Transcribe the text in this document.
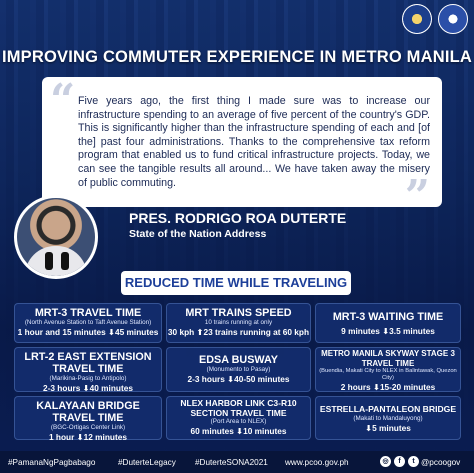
IMPROVING COMMUTER EXPERIENCE IN METRO MANILA
“ Five years ago, the first thing I made sure was to increase our infrastructure spending to an average of five percent of the country's GDP. This is significantly higher than the infrastructure spending of each and [of the] past four administrations. Thanks to the comprehensive tax reform program that enabled us to fund critical infrastructure projects. Today, we can see the tangible results all around... We have taken away the misery of public commuting.	”
PRES. RODRIGO ROA DUTERTE
State of the Nation Address
REDUCED TIME WHILE TRAVELING
MRT-3 TRAVEL TIME
(North Avenue Station to Taft Avenue Station)
1 hour and 15 minutes ⬇45 minutes
MRT TRAINS SPEED
10 trains running at only
30 kph ⬆23 trains running at 60 kph
MRT-3 WAITING TIME
9 minutes ⬇3.5 minutes
LRT-2 EAST EXTENSION TRAVEL TIME
(Marikina-Pasig to Antipolo)
2-3 hours ⬇40 minutes
EDSA BUSWAY
(Monumento to Pasay)
2-3 hours ⬇40-50 minutes
METRO MANILA SKYWAY STAGE 3 TRAVEL TIME
(Buendia, Makati City to NLEX in Balintawak, Quezon City)
2 hours ⬇15-20 minutes
KALAYAAN BRIDGE TRAVEL TIME
(BGC-Ortigas Center Link)
1 hour ⬇12 minutes
NLEX HARBOR LINK C3-R10 SECTION TRAVEL TIME
(Port Area to NLEX)
60 minutes ⬇10 minutes
ESTRELLA-PANTALEON BRIDGE
(Makati to Mandaluyong)
⬇5 minutes
#PamanaNgPagbabago	#DuterteLegacy #DuterteSONA2021 www.pcoo.gov.ph	◎	f	t @pcoogov
